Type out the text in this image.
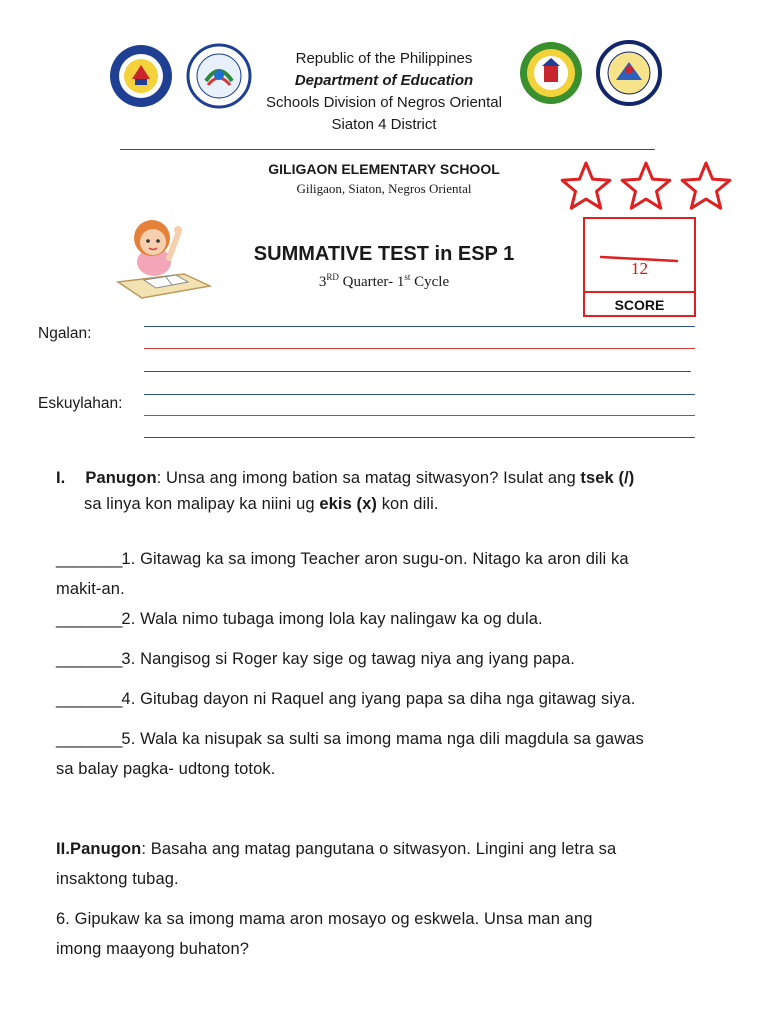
Republic of the Philippines
Department of Education
Schools Division of Negros Oriental
Siaton 4 District
GILIGAON ELEMENTARY SCHOOL
Giligaon, Siaton, Negros Oriental
SUMMATIVE TEST in ESP 1
3RD Quarter- 1st Cycle
12
SCORE
Ngalan:
Eskuylahan:
I. Panugon: Unsa ang imong bation sa matag sitwasyon? Isulat ang tsek (/)
sa linya kon malipay ka niini ug ekis (x) kon dili.
________1. Gitawag ka sa imong Teacher aron sugu-on. Nitago ka aron dili ka
makit-an.
________2. Wala nimo tubaga imong lola kay nalingaw ka og dula.
________3. Nangisog si Roger kay sige og tawag niya ang iyang papa.
________4. Gitubag dayon ni Raquel ang iyang papa sa diha nga gitawag siya.
________5. Wala ka nisupak sa sulti sa imong mama nga dili magdula sa gawas
sa balay pagka- udtong totok.
II.Panugon: Basaha ang matag pangutana o sitwasyon. Lingini ang letra sa
insaktong tubag.
6. Gipukaw ka sa imong mama aron mosayo og eskwela. Unsa man ang
imong maayong buhaton?
